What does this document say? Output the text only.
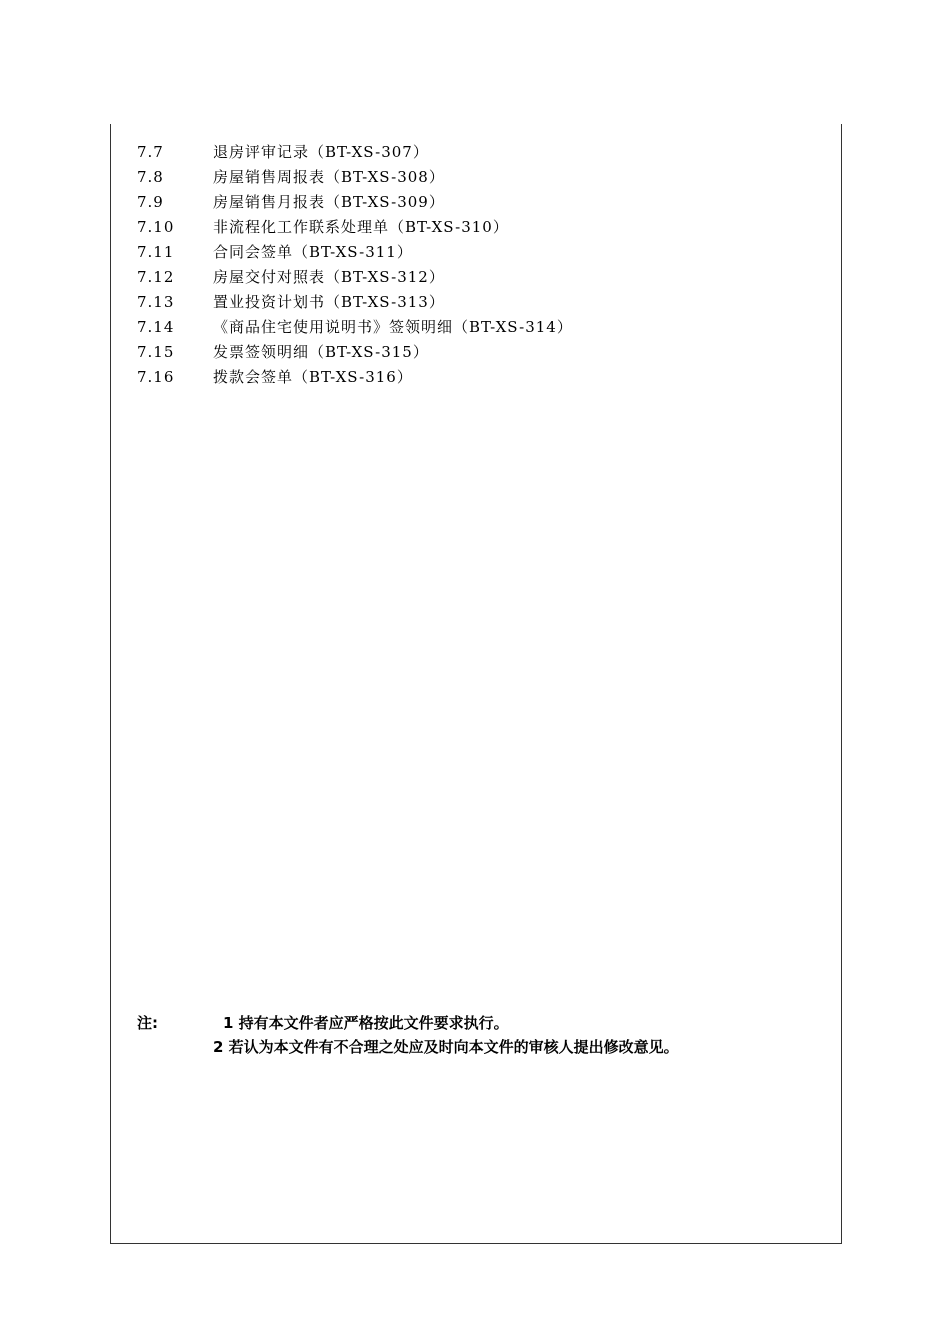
7.7	退房评审记录（BT-XS-307）
7.8	房屋销售周报表（BT-XS-308）
7.9	房屋销售月报表（BT-XS-309）
7.10	非流程化工作联系处理单（BT-XS-310）
7.11	合同会签单（BT-XS-311）
7.12	房屋交付对照表（BT-XS-312）
7.13	置业投资计划书（BT-XS-313）
7.14	《商品住宅使用说明书》签领明细（BT-XS-314）
7.15	发票签领明细（BT-XS-315）
7.16	拨款会签单（BT-XS-316）
注:	1 持有本文件者应严格按此文件要求执行。
2 若认为本文件有不合理之处应及时向本文件的审核人提出修改意见。
